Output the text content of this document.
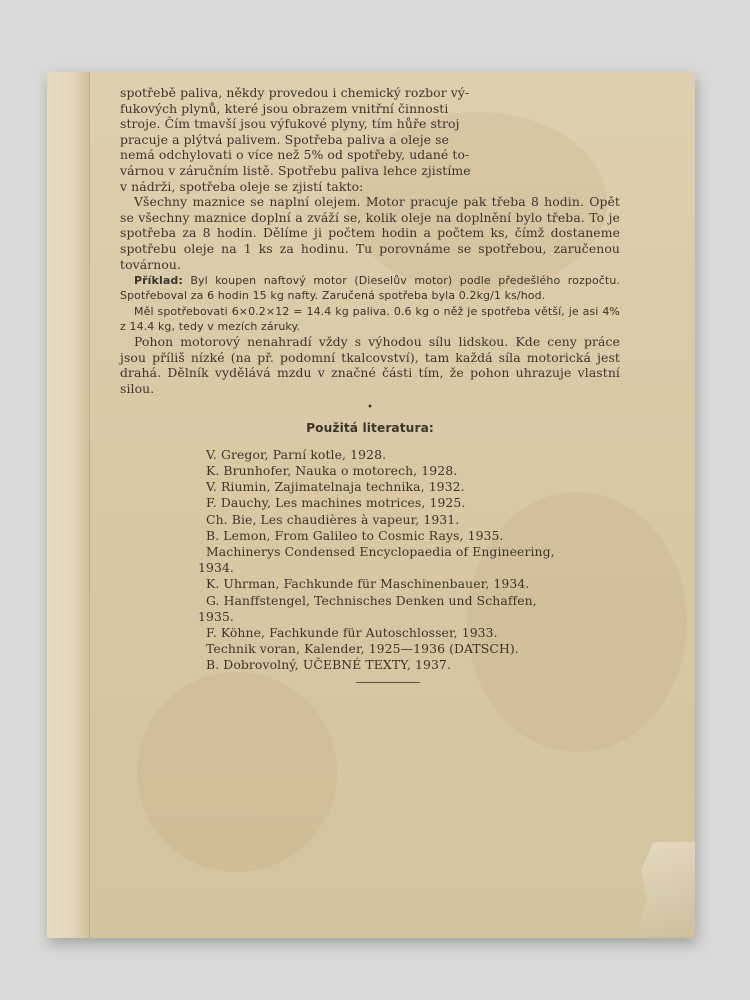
spotřebě paliva, někdy provedou i chemický rozbor vý-
fukových plynů, které jsou obrazem vnitřní činnosti
stroje. Čím tmavší jsou výfukové plyny, tím hůře stroj
pracuje a plýtvá palivem. Spotřeba paliva a oleje se
nemá odchylovati o více než 5% od spotřeby, udané to-
várnou v záručním listě. Spotřebu paliva lehce zjistíme
v nádrži, spotřeba oleje se zjistí takto:

Všechny maznice se naplní olejem. Motor pracuje pak třeba 8 hodin. Opět se všechny maznice doplní a zváží se, kolik oleje na doplnění bylo třeba. To je spotřeba za 8 hodin. Dělíme ji počtem hodin a počtem ks, čímž dostaneme spotřebu oleje na 1 ks za hodinu. Tu porovnáme se spotřebou, zaručenou továrnou.

Příklad: Byl koupen naftový motor (Dieselův motor) podle předešlého rozpočtu. Spotřeboval za 6 hodin 15 kg nafty. Zaručená spotřeba byla 0.2kg/1 ks/hod.

Měl spotřebovati 6×0.2×12 = 14.4 kg paliva. 0.6 kg o něž je spotřeba větší, je asi 4% z 14.4 kg, tedy v mezích záruky.

Pohon motorový nenahradí vždy s výhodou sílu lidskou. Kde ceny práce jsou příliš nízké (na př. podomní tkalcovství), tam každá síla motorická jest drahá. Dělník vydělává mzdu v značné části tím, že pohon uhrazuje vlastní silou.

•
Použitá literatura:
V. Gregor, Parní kotle, 1928.
K. Brunhofer, Nauka o motorech, 1928.
V. Riumin, Zajimatelnaja technika, 1932.
F. Dauchy, Les machines motrices, 1925.
Ch. Bie, Les chaudières à vapeur, 1931.
B. Lemon, From Galileo to Cosmic Rays, 1935.
Machinerys Condensed Encyclopaedia of Engineering,
1934.
K. Uhrman, Fachkunde für Maschinenbauer, 1934.
G. Hanffstengel, Technisches Denken und Schaffen,
1935.
F. Köhne, Fachkunde für Autoschlosser, 1933.
Technik voran, Kalender, 1925—1936 (DATSCH).
B. Dobrovolný, UČEBNÉ TEXTY, 1937.
